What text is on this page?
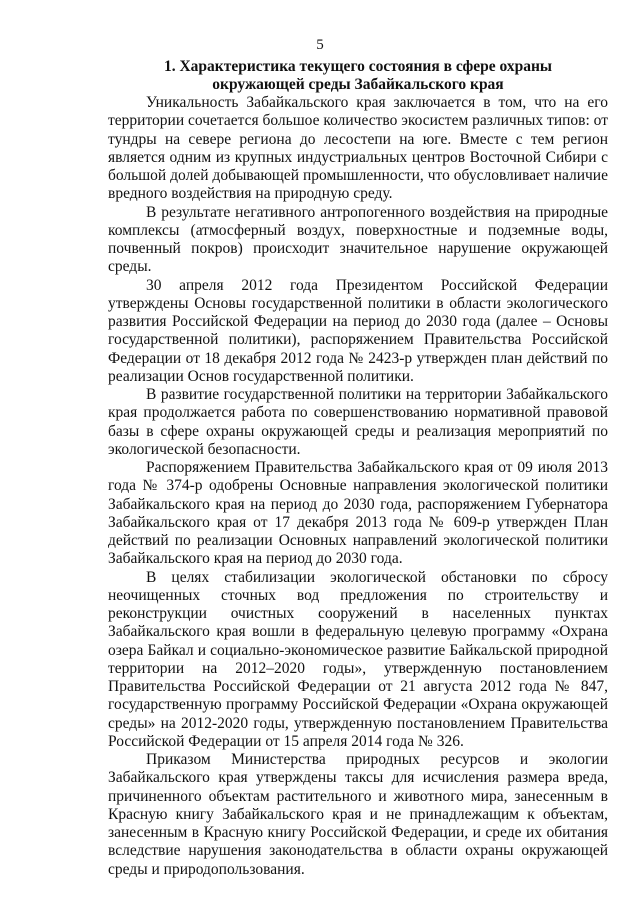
5
1. Характеристика текущего состояния в сфере охраны
окружающей среды Забайкальского края

Уникальность Забайкальского края заключается в том, что на его территории сочетается большое количество экосистем различных типов: от тундры на севере региона до лесостепи на юге. Вместе с тем регион является одним из крупных индустриальных центров Восточной Сибири с большой долей добывающей промышленности, что обусловливает наличие вредного воздействия на природную среду.

В результате негативного антропогенного воздействия на природные комплексы (атмосферный воздух, поверхностные и подземные воды, почвенный покров) происходит значительное нарушение окружающей среды.

30 апреля 2012 года Президентом Российской Федерации утверждены Основы государственной политики в области экологического развития Российской Федерации на период до 2030 года (далее – Основы государственной политики), распоряжением Правительства Российской Федерации от 18 декабря 2012 года № 2423-р утвержден план действий по реализации Основ государственной политики.

В развитие государственной политики на территории Забайкальского края продолжается работа по совершенствованию нормативной правовой базы в сфере охраны окружающей среды и реализация мероприятий по экологической безопасности.

Распоряжением Правительства Забайкальского края от 09 июля 2013 года № 374-р одобрены Основные направления экологической политики Забайкальского края на период до 2030 года, распоряжением Губернатора Забайкальского края от 17 декабря 2013 года № 609-р утвержден План действий по реализации Основных направлений экологической политики Забайкальского края на период до 2030 года.

В целях стабилизации экологической обстановки по сбросу неочищенных сточных вод предложения по строительству и реконструкции очистных сооружений в населенных пунктах Забайкальского края вошли в федеральную целевую программу «Охрана озера Байкал и социально-экономическое развитие Байкальской природной территории на 2012–2020 годы», утвержденную постановлением Правительства Российской Федерации от 21 августа 2012 года № 847, государственную программу Российской Федерации «Охрана окружающей среды» на 2012-2020 годы, утвержденную постановлением Правительства Российской Федерации от 15 апреля 2014 года № 326.

Приказом Министерства природных ресурсов и экологии Забайкальского края утверждены таксы для исчисления размера вреда, причиненного объектам растительного и животного мира, занесенным в Красную книгу Забайкальского края и не принадлежащим к объектам, занесенным в Красную книгу Российской Федерации, и среде их обитания вследствие нарушения законодательства в области охраны окружающей среды и природопользования.
